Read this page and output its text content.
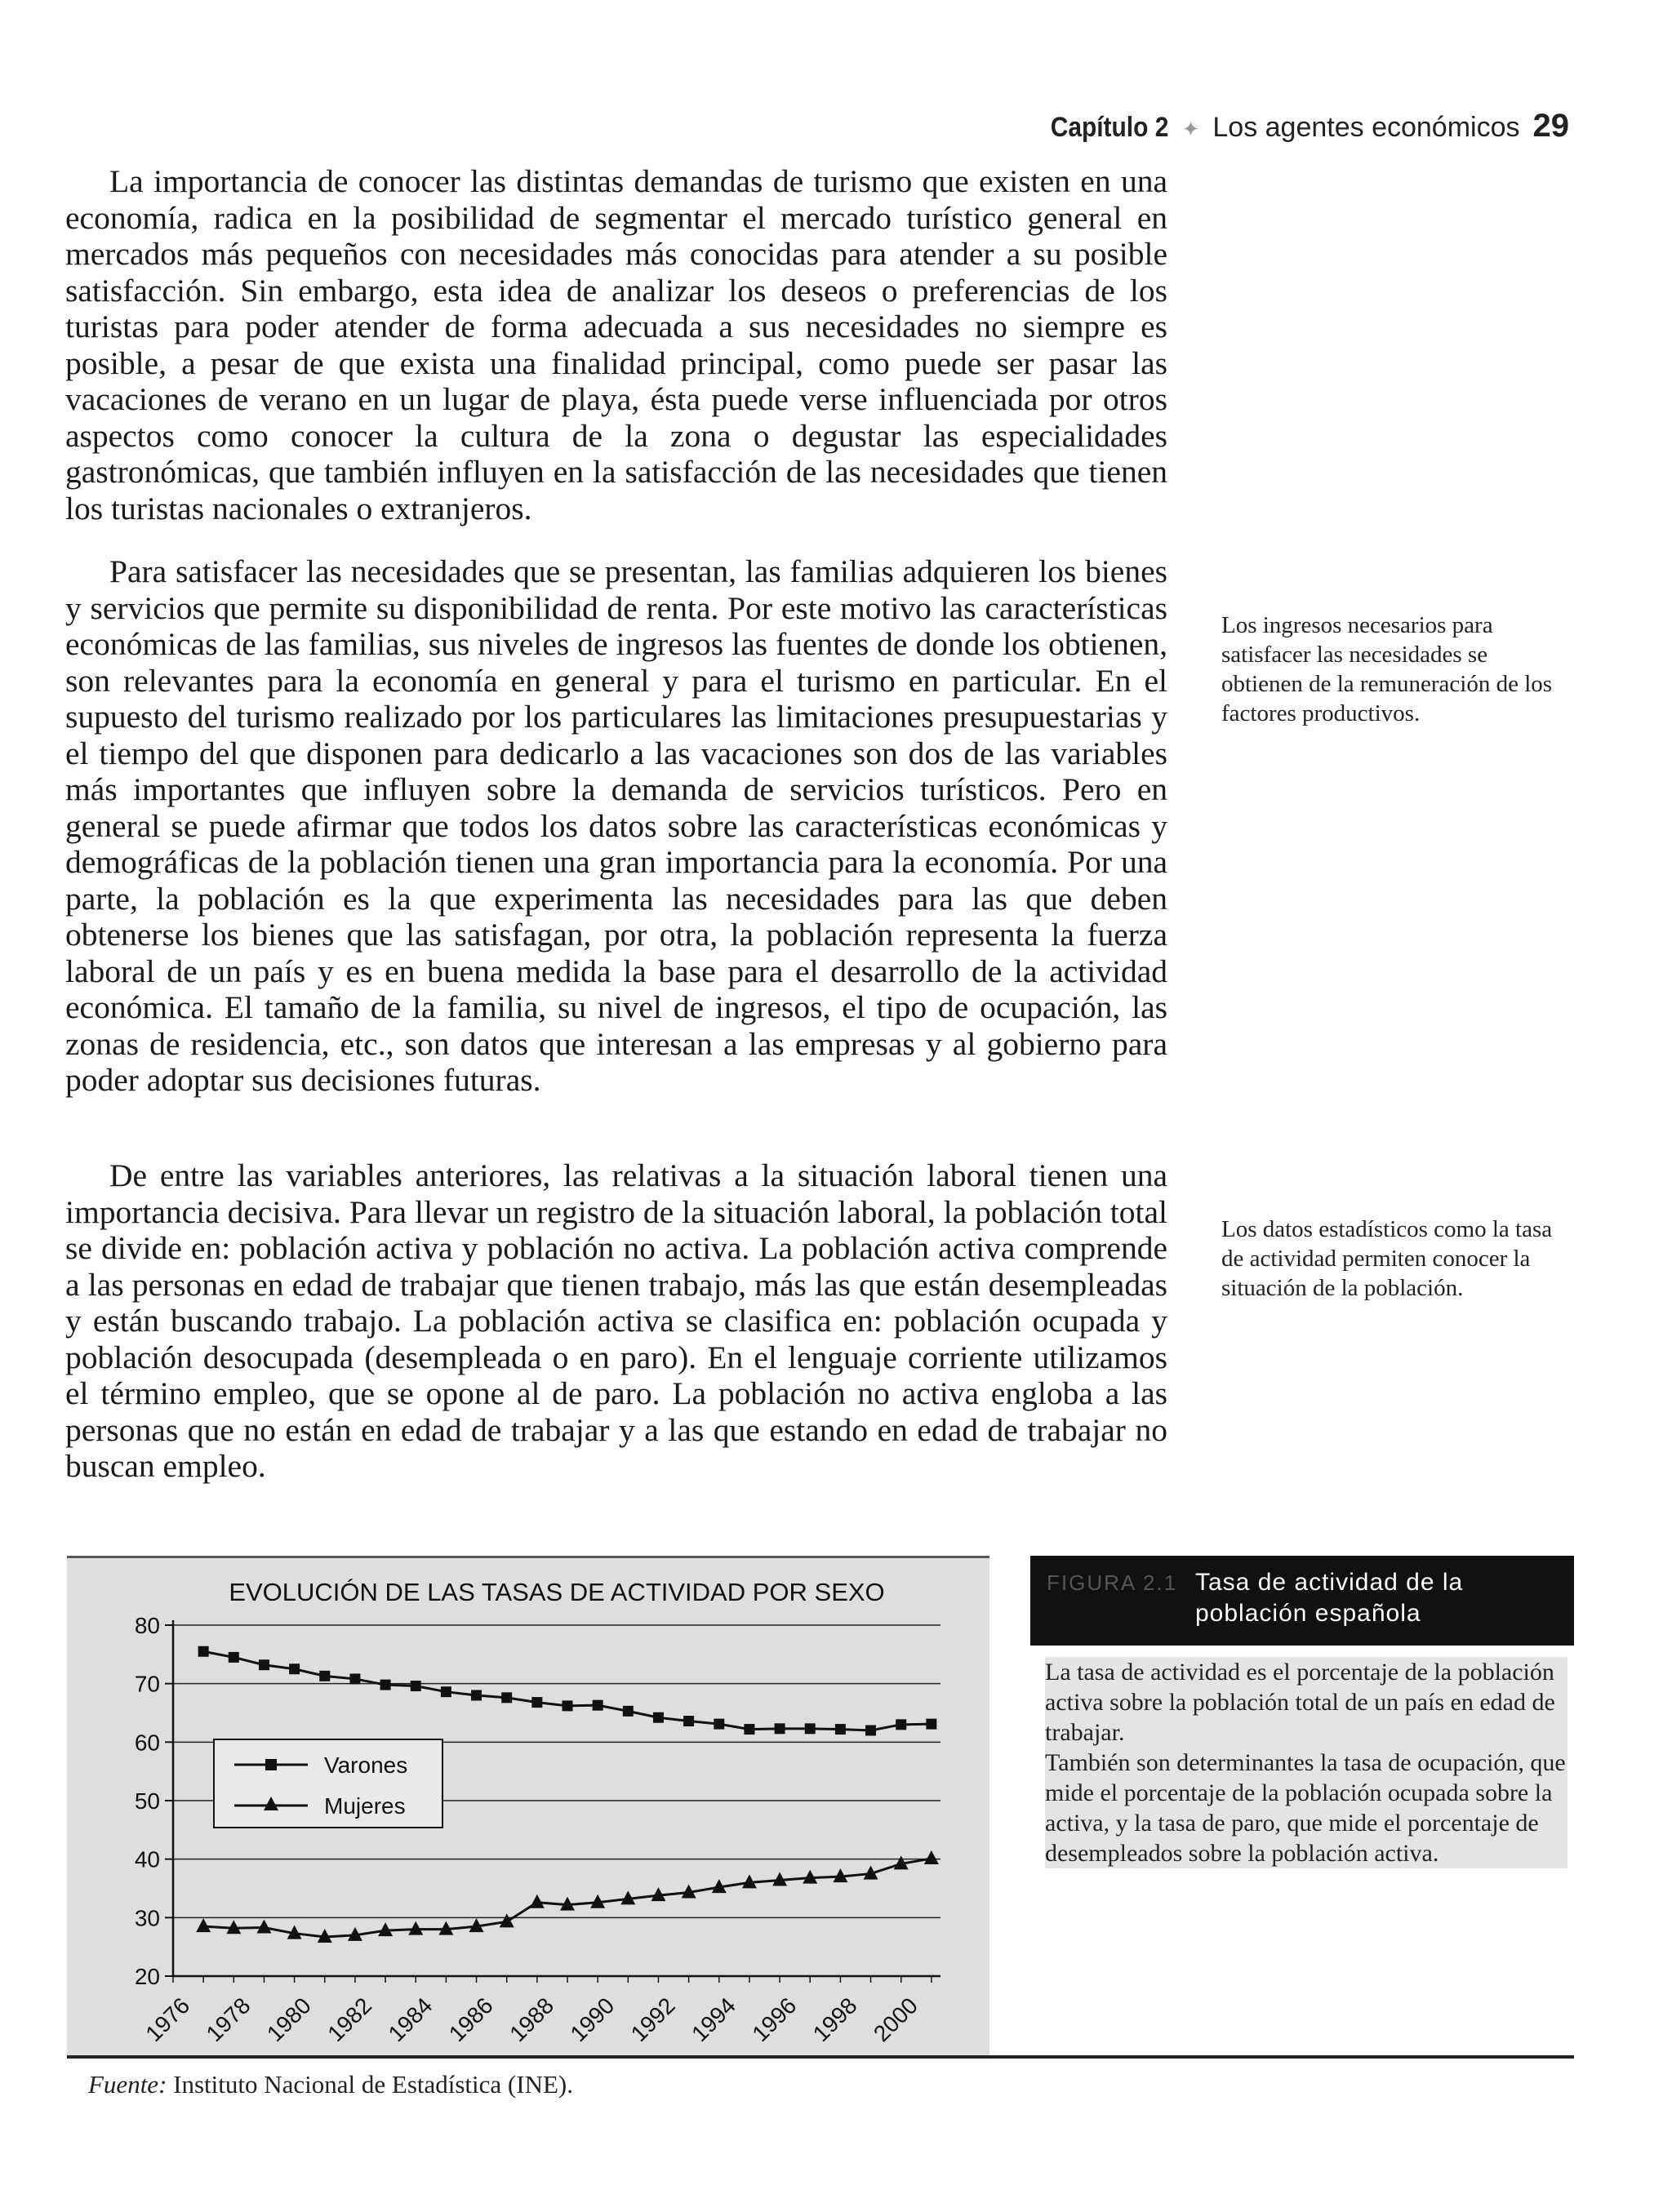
Capítulo 2 ✦ Los agentes económicos 29

La importancia de conocer las distintas demandas de turismo que existen en una economía, radica en la posibilidad de segmentar el mercado turístico general en mercados más pequeños con necesidades más conocidas para atender a su posible satisfacción. Sin embargo, esta idea de analizar los deseos o preferencias de los turistas para poder atender de forma adecuada a sus necesidades no siempre es posible, a pesar de que exista una finalidad principal, como puede ser pasar las vacaciones de verano en un lugar de playa, ésta puede verse influenciada por otros aspectos como conocer la cultura de la zona o degustar las especialidades gastronómicas, que también influyen en la satisfacción de las necesidades que tienen los turistas nacionales o extranjeros.

Para satisfacer las necesidades que se presentan, las familias adquieren los bienes y servicios que permite su disponibilidad de renta. Por este motivo las características económicas de las familias, sus niveles de ingresos las fuentes de donde los obtienen, son relevantes para la economía en general y para el turismo en particular. En el supuesto del turismo realizado por los particulares las limitaciones presupuestarias y el tiempo del que disponen para dedicarlo a las vacaciones son dos de las variables más importantes que influyen sobre la demanda de servicios turísticos. Pero en general se puede afirmar que todos los datos sobre las características económicas y demográficas de la población tienen una gran importancia para la economía. Por una parte, la población es la que experimenta las necesidades para las que deben obtenerse los bienes que las satisfagan, por otra, la población representa la fuerza laboral de un país y es en buena medida la base para el desarrollo de la actividad económica. El tamaño de la familia, su nivel de ingresos, el tipo de ocupación, las zonas de residencia, etc., son datos que interesan a las empresas y al gobierno para poder adoptar sus decisiones futuras.

De entre las variables anteriores, las relativas a la situación laboral tienen una importancia decisiva. Para llevar un registro de la situación laboral, la población total se divide en: población activa y población no activa. La población activa comprende a las personas en edad de trabajar que tienen trabajo, más las que están desempleadas y están buscando trabajo. La población activa se clasifica en: población ocupada y población desocupada (desempleada o en paro). En el lenguaje corriente utilizamos el término empleo, que se opone al de paro. La población no activa engloba a las personas que no están en edad de trabajar y a las que estando en edad de trabajar no buscan empleo.

Los ingresos necesarios para satisfacer las necesidades se obtienen de la remuneración de los factores productivos.
Los datos estadísticos como la tasa de actividad permiten conocer la situación de la población.
EVOLUCIÓN DE LAS TASAS DE ACTIVIDAD POR SEXO
20
30
40
50
60
70
80
1976 1978 1980 1982 1984 1986 1988 1990 1992 1994 1996 1998 2000
Varones
Mujeres
FIGURA 2.1 Tasa de actividad de la población española

La tasa de actividad es el porcentaje de la población activa sobre la población total de un país en edad de trabajar.

También son determinantes la tasa de ocupación, que mide el porcentaje de la población ocupada sobre la activa, y la tasa de paro, que mide el porcentaje de desempleados sobre la población activa.

Fuente: Instituto Nacional de Estadística (INE).
